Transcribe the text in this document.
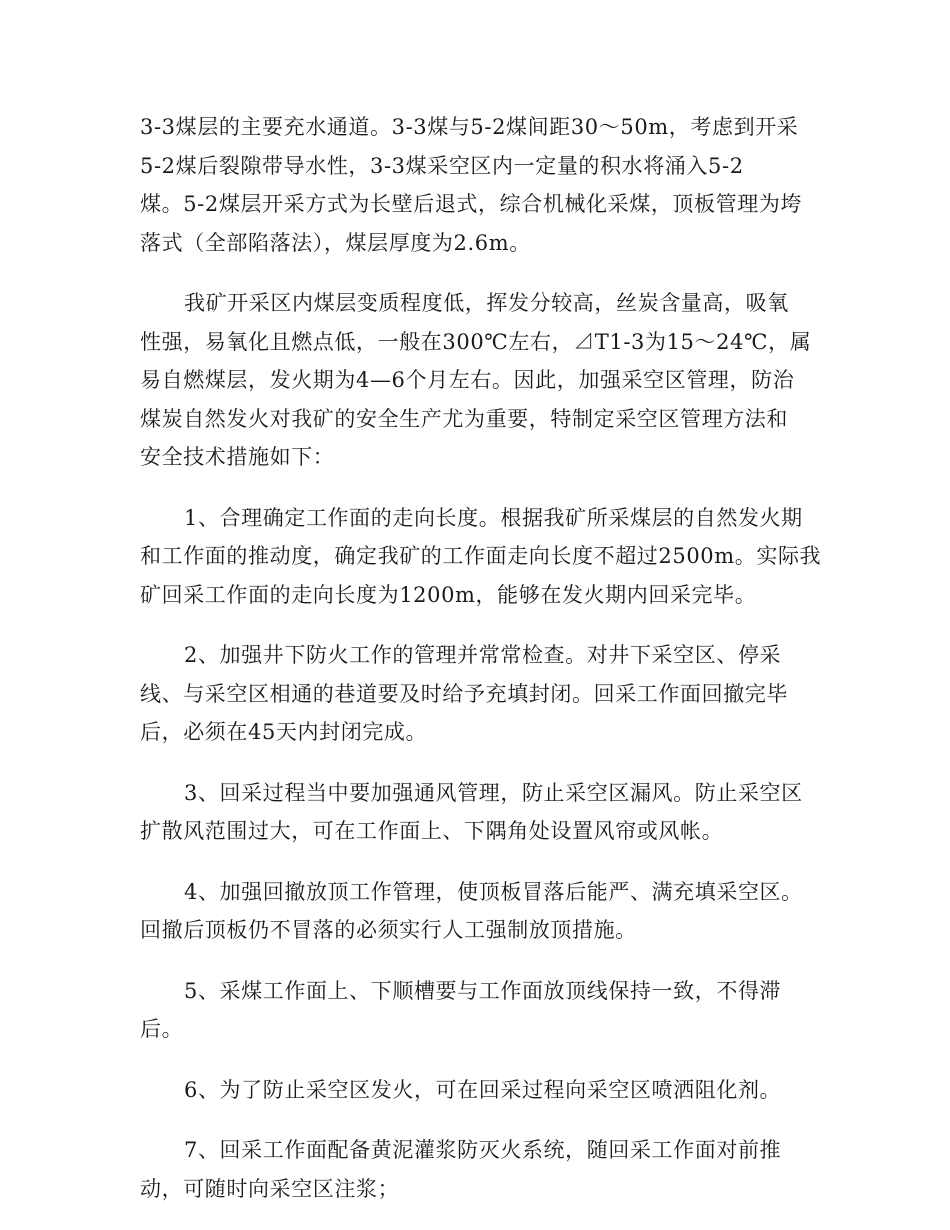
3-3煤层的主要充水通道。3-3煤与5-2煤间距30～50m，考虑到开采
5-2煤后裂隙带导水性，3-3煤采空区内一定量的积水将涌入5-2
煤。5-2煤层开采方式为长壁后退式，综合机械化采煤，顶板管理为垮
落式（全部陷落法），煤层厚度为2.6m。

我矿开采区内煤层变质程度低，挥发分较高，丝炭含量高，吸氧
性强，易氧化且燃点低，一般在300℃左右，⊿T1-3为15～24℃，属
易自燃煤层，发火期为4—6个月左右。因此，加强采空区管理，防治
煤炭自然发火对我矿的安全生产尤为重要，特制定采空区管理方法和
安全技术措施如下：

1、合理确定工作面的走向长度。根据我矿所采煤层的自然发火期
和工作面的推动度，确定我矿的工作面走向长度不超过2500m。实际我
矿回采工作面的走向长度为1200m，能够在发火期内回采完毕。

2、加强井下防火工作的管理并常常检查。对井下采空区、停采
线、与采空区相通的巷道要及时给予充填封闭。回采工作面回撤完毕
后，必须在45天内封闭完成。

3、回采过程当中要加强通风管理，防止采空区漏风。防止采空区
扩散风范围过大，可在工作面上、下隅角处设置风帘或风帐。

4、加强回撤放顶工作管理，使顶板冒落后能严、满充填采空区。
回撤后顶板仍不冒落的必须实行人工强制放顶措施。

5、采煤工作面上、下顺槽要与工作面放顶线保持一致，不得滞
后。

6、为了防止采空区发火，可在回采过程向采空区喷洒阻化剂。

7、回采工作面配备黄泥灌浆防灭火系统，随回采工作面对前推
动，可随时向采空区注浆；
